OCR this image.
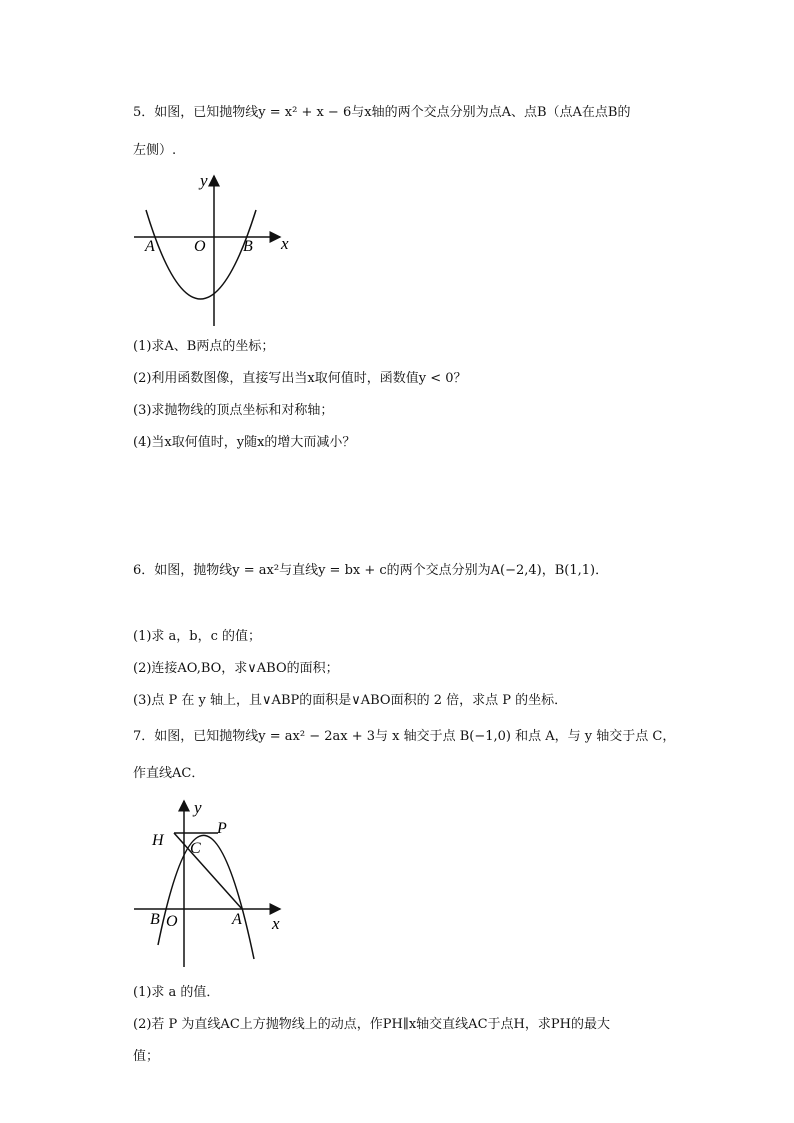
5．如图，已知抛物线y = x² + x − 6与x轴的两个交点分别为点A、点B（点A在点B的
左侧）.
y
x
A O B
(1)求A、B两点的坐标；
(2)利用函数图像，直接写出当x取何值时，函数值y < 0？
(3)求抛物线的顶点坐标和对称轴；
(4)当x取何值时，y随x的增大而减小？
6．如图，抛物线y = ax²与直线y = bx + c的两个交点分别为A(−2,4)，B(1,1)．
(1)求 a，b，c 的值；
(2)连接AO,BO，求∨ABO的面积；
(3)点 P 在 y 轴上，且∨ABP的面积是∨ABO面积的 2 倍，求点 P 的坐标．
7．如图，已知抛物线y = ax² − 2ax + 3与 x 轴交于点 B(−1,0) 和点 A，与 y 轴交于点 C，
作直线AC．
y
x
H
P
C
B O	A
(1)求 a 的值．
(2)若 P 为直线AC上方抛物线上的动点，作PH∥x轴交直线AC于点H，求PH的最大
值；
